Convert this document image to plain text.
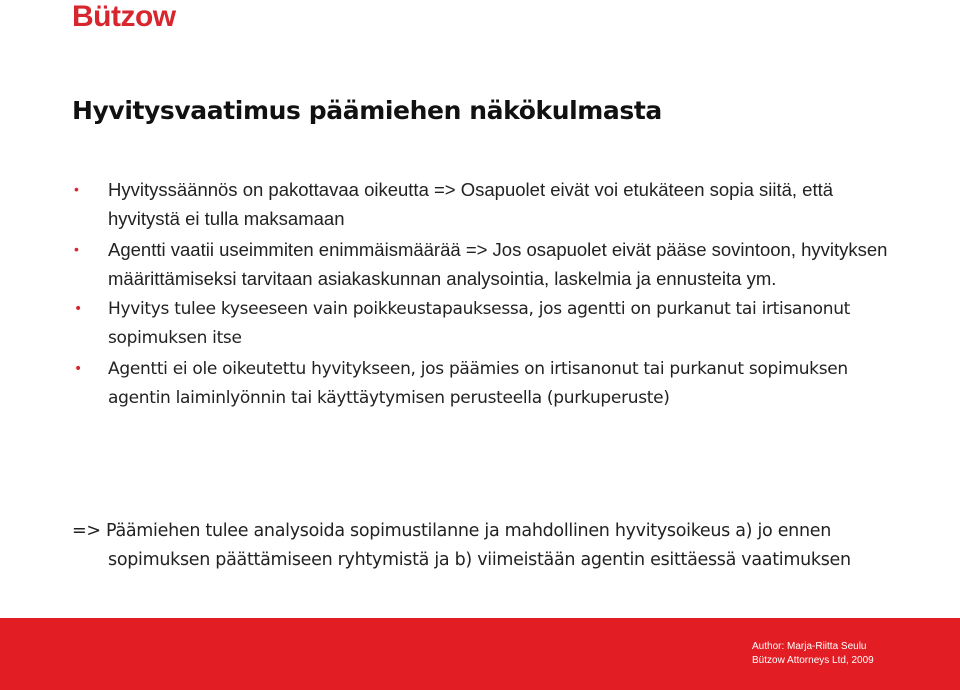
Bützow
Hyvitysvaatimus päämiehen näkökulmasta
• Hyvityssäännös on pakottavaa oikeutta => Osapuolet eivät voi etukäteen sopia siitä, että hyvitystä ei tulla maksamaan
• Agentti vaatii useimmiten enimmäismäärää => Jos osapuolet eivät pääse sovintoon, hyvityksen määrittämiseksi tarvitaan asiakaskunnan analysointia, laskelmia ja ennusteita ym.
• Hyvitys tulee kyseeseen vain poikkeustapauksessa, jos agentti on purkanut tai irtisanonut sopimuksen itse
• Agentti ei ole oikeutettu hyvitykseen, jos päämies on irtisanonut tai purkanut sopimuksen agentin laiminlyönnin tai käyttäytymisen perusteella (purkuperuste)
=> Päämiehen tulee analysoida sopimustilanne ja mahdollinen hyvitysoikeus a) jo ennen sopimuksen päättämiseen ryhtymistä ja b) viimeistään agentin esittäessä vaatimuksen
Author: Marja-Riitta Seulu
Bützow Attorneys Ltd, 2009
